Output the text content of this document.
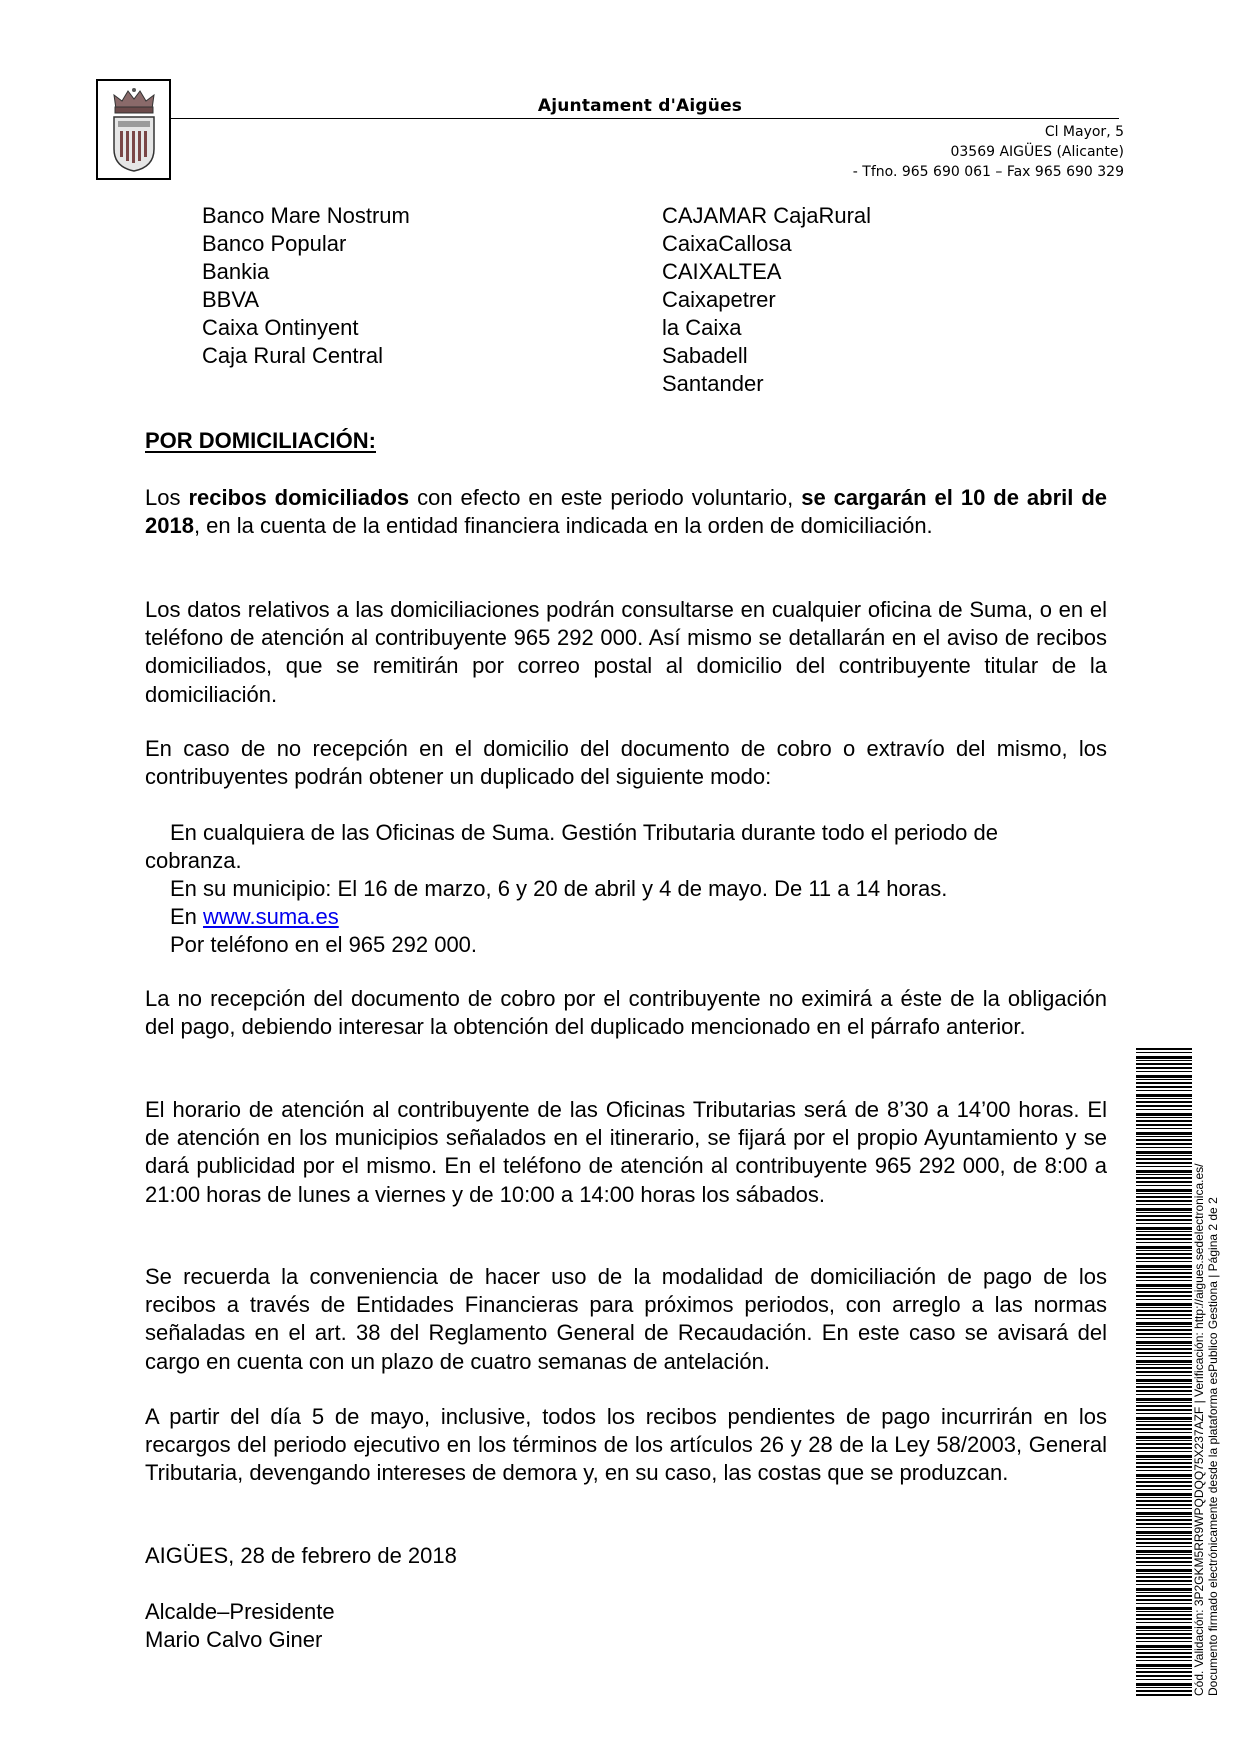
Ajuntament d'Aigües
Cl Mayor, 5
03569 AIGÜES (Alicante)
- Tfno. 965 690 061 – Fax 965 690 329
Banco Mare Nostrum
Banco Popular
Bankia
BBVA
Caixa Ontinyent
Caja Rural Central
CAJAMAR CajaRural
CaixaCallosa
CAIXALTEA
Caixapetrer
la Caixa
Sabadell
Santander
POR DOMICILIACIÓN:

Los recibos domiciliados con efecto en este periodo voluntario, se cargarán el 10 de abril de 2018, en la cuenta de la entidad financiera indicada en la orden de domiciliación.

Los datos relativos a las domiciliaciones podrán consultarse en cualquier oficina de Suma, o en el teléfono de atención al contribuyente 965 292 000. Así mismo se detallarán en el aviso de recibos domiciliados, que se remitirán por correo postal al domicilio del contribuyente titular de la domiciliación.

En caso de no recepción en el domicilio del documento de cobro o extravío del mismo, los contribuyentes podrán obtener un duplicado del siguiente modo:

En cualquiera de las Oficinas de Suma. Gestión Tributaria durante todo el periodo de
cobranza.
En su municipio: El 16 de marzo, 6 y 20 de abril y 4 de mayo. De 11 a 14 horas.
En www.suma.es
Por teléfono en el 965 292 000.

La no recepción del documento de cobro por el contribuyente no eximirá a éste de la obligación del pago, debiendo interesar la obtención del duplicado mencionado en el párrafo anterior.

El horario de atención al contribuyente de las Oficinas Tributarias será de 8’30 a 14’00 horas. El de atención en los municipios señalados en el itinerario, se fijará por el propio Ayuntamiento y se dará publicidad por el mismo. En el teléfono de atención al contribuyente 965 292 000, de 8:00 a 21:00 horas de lunes a viernes y de 10:00 a 14:00 horas los sábados.

Se recuerda la conveniencia de hacer uso de la modalidad de domiciliación de pago de los recibos a través de Entidades Financieras para próximos periodos, con arreglo a las normas señaladas en el art. 38 del Reglamento General de Recaudación. En este caso se avisará del cargo en cuenta con un plazo de cuatro semanas de antelación.

A partir del día 5 de mayo, inclusive, todos los recibos pendientes de pago incurrirán en los recargos del periodo ejecutivo en los términos de los artículos 26 y 28 de la Ley 58/2003, General Tributaria, devengando intereses de demora y, en su caso, las costas que se produzcan.

AIGÜES, 28 de febrero de 2018
Alcalde–Presidente
Mario Calvo Giner	Cód. Validación: 3P2GKM5RR9WPQDQQ75X237AZF | Verificación: http://aigues.sedelectronica.es/ Documento firmado electrónicamente desde la plataforma esPublico Gestiona | Página 2 de 2
